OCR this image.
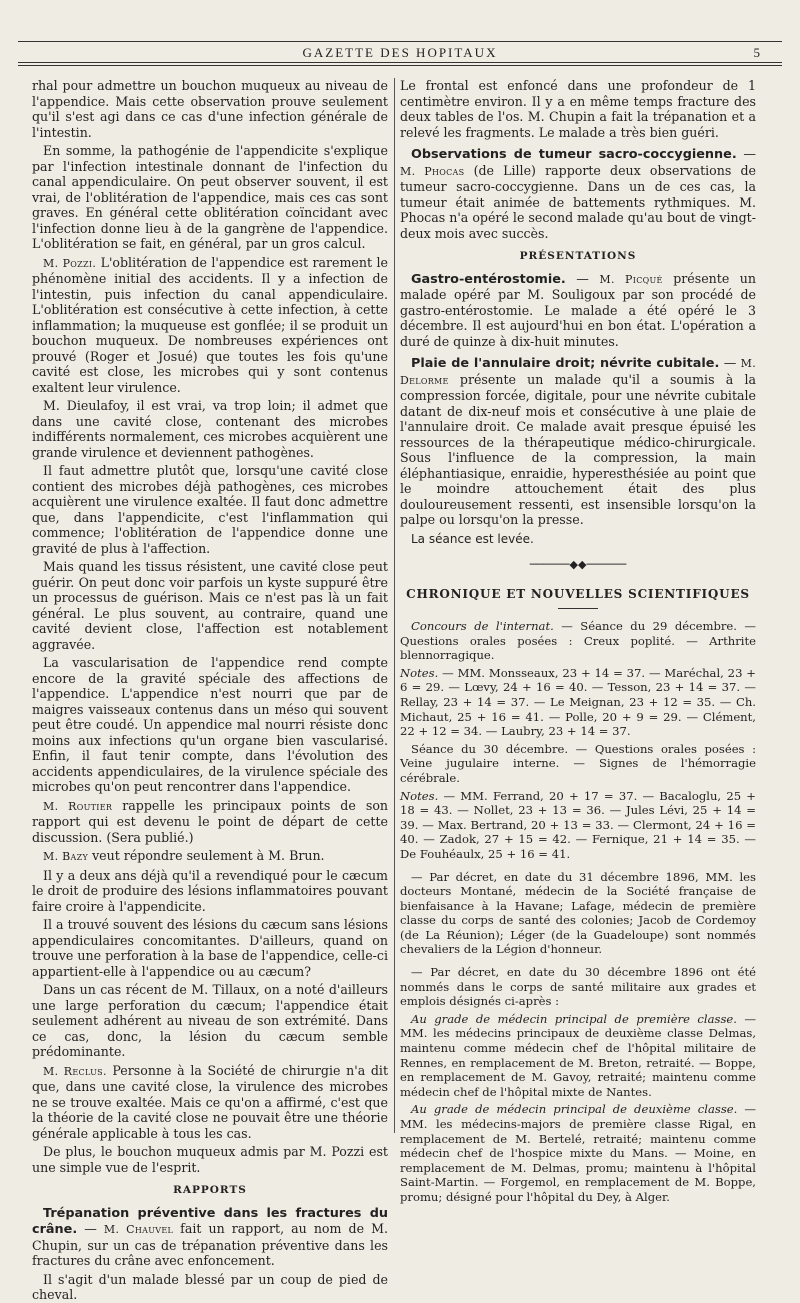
GAZETTE DES HOPITAUX	5

rhal pour admettre un bouchon muqueux au niveau de l'appendice. Mais cette observation prouve seulement qu'il s'est agi dans ce cas d'une infection générale de l'intestin.

En somme, la pathogénie de l'appendicite s'explique par l'infection intestinale donnant de l'infection du canal appendiculaire. On peut observer souvent, il est vrai, de l'oblitération de l'appendice, mais ces cas sont graves. En général cette oblitération coïncidant avec l'infection donne lieu à de la gangrène de l'appendice. L'oblitération se fait, en général, par un gros calcul.

M. Pozzi. L'oblitération de l'appendice est rarement le phénomène initial des accidents. Il y a infection de l'intestin, puis infection du canal appendiculaire. L'oblitération est consécutive à cette infection, à cette inflammation; la muqueuse est gonflée; il se produit un bouchon muqueux. De nombreuses expériences ont prouvé (Roger et Josué) que toutes les fois qu'une cavité est close, les microbes qui y sont contenus exaltent leur virulence.

M. Dieulafoy, il est vrai, va trop loin; il admet que dans une cavité close, contenant des microbes indifférents normalement, ces microbes acquièrent une grande virulence et deviennent pathogènes.

Il faut admettre plutôt que, lorsqu'une cavité close contient des microbes déjà pathogènes, ces microbes acquièrent une virulence exaltée. Il faut donc admettre que, dans l'appendicite, c'est l'inflammation qui commence; l'oblitération de l'appendice donne une gravité de plus à l'affection.

Mais quand les tissus résistent, une cavité close peut guérir. On peut donc voir parfois un kyste suppuré être un processus de guérison. Mais ce n'est pas là un fait général. Le plus souvent, au contraire, quand une cavité devient close, l'affection est notablement aggravée.

La vascularisation de l'appendice rend compte encore de la gravité spéciale des affections de l'appendice. L'appendice n'est nourri que par de maigres vaisseaux contenus dans un méso qui souvent peut être coudé. Un appendice mal nourri résiste donc moins aux infections qu'un organe bien vascularisé. Enfin, il faut tenir compte, dans l'évolution des accidents appendiculaires, de la virulence spéciale des microbes qu'on peut rencontrer dans l'appendice.

M. Routier rappelle les principaux points de son rapport qui est devenu le point de départ de cette discussion. (Sera publié.)

M. Bazy veut répondre seulement à M. Brun.

Il y a deux ans déjà qu'il a revendiqué pour le cæcum le droit de produire des lésions inflammatoires pouvant faire croire à l'appendicite.

Il a trouvé souvent des lésions du cæcum sans lésions appendiculaires concomitantes. D'ailleurs, quand on trouve une perforation à la base de l'appendice, celle-ci appartient-elle à l'appendice ou au cæcum?

Dans un cas récent de M. Tillaux, on a noté d'ailleurs une large perforation du cæcum; l'appendice était seulement adhérent au niveau de son extrémité. Dans ce cas, donc, la lésion du cæcum semble prédominante.

M. Reclus. Personne à la Société de chirurgie n'a dit que, dans une cavité close, la virulence des microbes ne se trouve exaltée. Mais ce qu'on a affirmé, c'est que la théorie de la cavité close ne pouvait être une théorie générale applicable à tous les cas.

De plus, le bouchon muqueux admis par M. Pozzi est une simple vue de l'esprit.

RAPPORTS

Trépanation préventive dans les fractures du crâne. — M. Chauvel fait un rapport, au nom de M. Chupin, sur un cas de trépanation préventive dans les fractures du crâne avec enfoncement.

Il s'agit d'un malade blessé par un coup de pied de cheval.

Le frontal est enfoncé dans une profondeur de 1 centimètre environ. Il y a en même temps fracture des deux tables de l'os. M. Chupin a fait la trépanation et a relevé les fragments. Le malade a très bien guéri.

Observations de tumeur sacro-coccygienne. — M. Phocas (de Lille) rapporte deux observations de tumeur sacro-coccygienne. Dans un de ces cas, la tumeur était animée de battements rythmiques. M. Phocas n'a opéré le second malade qu'au bout de vingt-deux mois avec succès.

PRÉSENTATIONS

Gastro-entérostomie. — M. Picqué présente un malade opéré par M. Souligoux par son procédé de gastro-entérostomie. Le malade a été opéré le 3 décembre. Il est aujourd'hui en bon état. L'opération a duré de quinze à dix-huit minutes.

Plaie de l'annulaire droit; névrite cubitale. — M. Delorme présente un malade qu'il a soumis à la compression forcée, digitale, pour une névrite cubitale datant de dix-neuf mois et consécutive à une plaie de l'annulaire droit. Ce malade avait presque épuisé les ressources de la thérapeutique médico-chirurgicale. Sous l'influence de la compression, la main éléphantiasique, enraidie, hyperesthésiée au point que le moindre attouchement était des plus douloureusement ressenti, est insensible lorsqu'on la palpe ou lorsqu'on la presse.

La séance est levée.

──────◆◆──────
CHRONIQUE ET NOUVELLES SCIENTIFIQUES

Concours de l'internat. — Séance du 29 décembre. — Questions orales posées : Creux poplité. — Arthrite blennorragique.

Notes. — MM. Monsseaux, 23 + 14 = 37. — Maréchal, 23 + 6 = 29. — Lœvy, 24 + 16 = 40. — Tesson, 23 + 14 = 37. — Rellay, 23 + 14 = 37. — Le Meignan, 23 + 12 = 35. — Ch. Michaut, 25 + 16 = 41. — Polle, 20 + 9 = 29. — Clément, 22 + 12 = 34. — Laubry, 23 + 14 = 37.

Séance du 30 décembre. — Questions orales posées : Veine jugulaire interne. — Signes de l'hémorragie cérébrale.

Notes. — MM. Ferrand, 20 + 17 = 37. — Bacaloglu, 25 + 18 = 43. — Nollet, 23 + 13 = 36. — Jules Lévi, 25 + 14 = 39. — Max. Bertrand, 20 + 13 = 33. — Clermont, 24 + 16 = 40. — Zadok, 27 + 15 = 42. — Fernique, 21 + 14 = 35. — De Fouhéaulx, 25 + 16 = 41.

— Par décret, en date du 31 décembre 1896, MM. les docteurs Montané, médecin de la Société française de bienfaisance à la Havane; Lafage, médecin de première classe du corps de santé des colonies; Jacob de Cordemoy (de La Réunion); Léger (de la Guadeloupe) sont nommés chevaliers de la Légion d'honneur.

— Par décret, en date du 30 décembre 1896 ont été nommés dans le corps de santé militaire aux grades et emplois désignés ci-après :

Au grade de médecin principal de première classe. — MM. les médecins principaux de deuxième classe Delmas, maintenu comme médecin chef de l'hôpital militaire de Rennes, en remplacement de M. Breton, retraité. — Boppe, en remplacement de M. Gavoy, retraité; maintenu comme médecin chef de l'hôpital mixte de Nantes.

Au grade de médecin principal de deuxième classe. — MM. les médecins-majors de première classe Rigal, en remplacement de M. Bertelé, retraité; maintenu comme médecin chef de l'hospice mixte du Mans. — Moine, en remplacement de M. Delmas, promu; maintenu à l'hôpital Saint-Martin. — Forgemol, en remplacement de M. Boppe, promu; désigné pour l'hôpital du Dey, à Alger.
